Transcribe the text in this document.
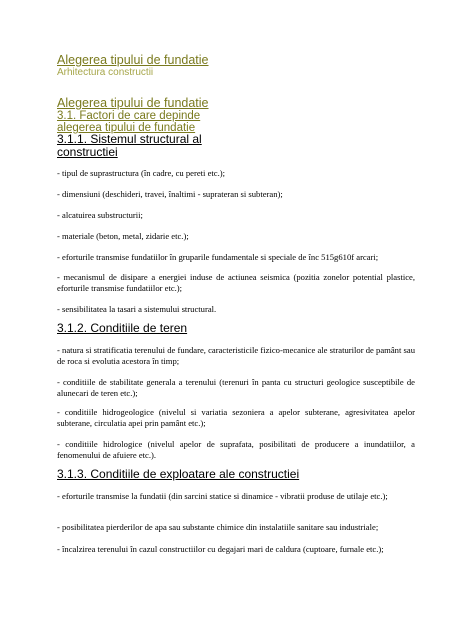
Alegerea tipului de fundatie
Arhitectura constructii
Alegerea tipului de fundatie
3.1. Factori de care depinde alegerea tipului de fundatie
3.1.1. Sistemul structural al constructiei
- tipul de suprastructura (în cadre, cu pereti etc.);
- dimensiuni (deschideri, travei, înaltimi - suprateran si subteran);
- alcatuirea substructurii;
- materiale (beton, metal, zidarie etc.);
- eforturile transmise fundatiilor în gruparile fundamentale si speciale de înc 515g610f arcari;
- mecanismul de disipare a energiei induse de actiunea seismica (pozitia zonelor potential plastice, eforturile transmise fundatiilor etc.);
- sensibilitatea la tasari a sistemului structural.
3.1.2. Conditiile de teren
- natura si stratificatia terenului de fundare, caracteristicile fizico-mecanice ale straturilor de pamânt sau de roca si evolutia acestora în timp;
- conditiile de stabilitate generala a terenului (terenuri în panta cu structuri geologice susceptibile de alunecari de teren etc.);
- conditiile hidrogeologice (nivelul si variatia sezoniera a apelor subterane, agresivitatea apelor subterane, circulatia apei prin pamânt etc.);
- conditiile hidrologice (nivelul apelor de suprafata, posibilitati de producere a inundatiilor, a fenomenului de afuiere etc.).
3.1.3. Conditiile de exploatare ale constructiei
- eforturile transmise la fundatii (din sarcini statice si dinamice - vibratii produse de utilaje etc.);
- posibilitatea pierderilor de apa sau substante chimice din instalatiile sanitare sau industriale;
- încalzirea terenului în cazul constructiilor cu degajari mari de caldura (cuptoare, furnale etc.);
